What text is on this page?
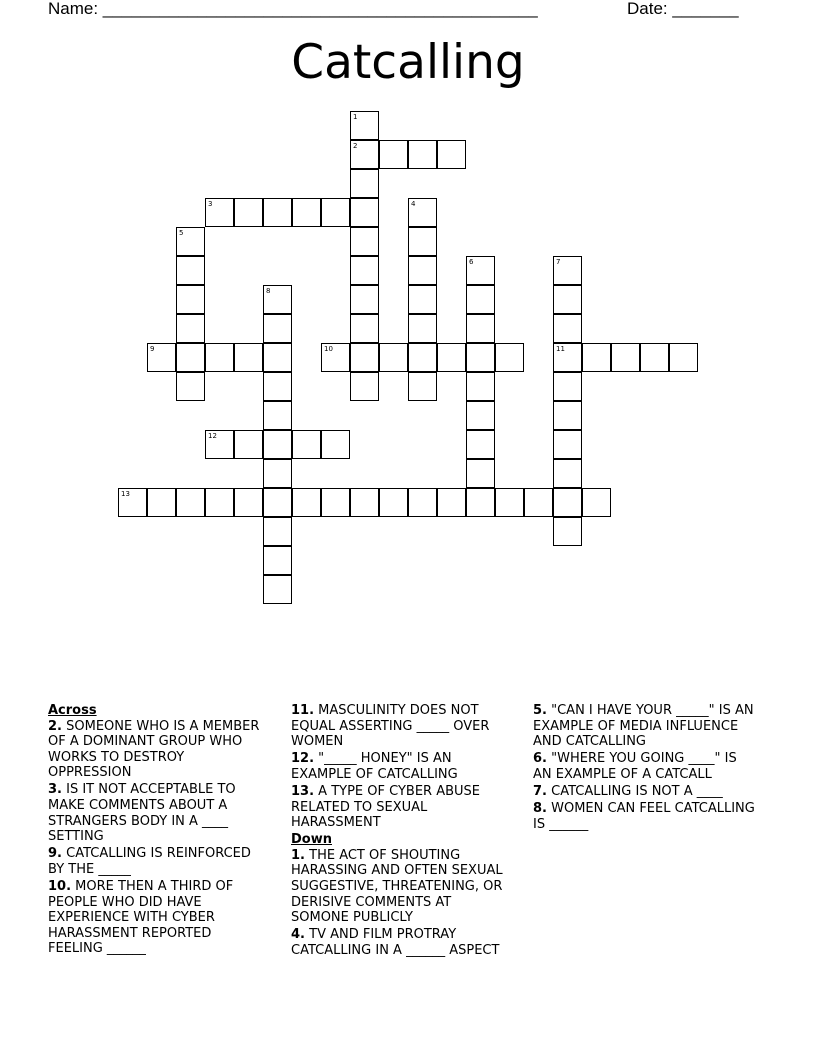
Name: ______________________________________________	Date: _______
Catcalling
1
2
3	4
5
6	7
11
8
9	10
12
13
Across
2. SOMEONE WHO IS A MEMBER OF A DOMINANT GROUP WHO WORKS TO DESTROY OPPRESSION
3. IS IT NOT ACCEPTABLE TO MAKE COMMENTS ABOUT A STRANGERS BODY IN A ____ SETTING
9. CATCALLING IS REINFORCED BY THE _____
10. MORE THEN A THIRD OF PEOPLE WHO DID HAVE EXPERIENCE WITH CYBER HARASSMENT REPORTED FEELING ______
11. MASCULINITY DOES NOT EQUAL ASSERTING _____ OVER WOMEN
12. "_____ HONEY" IS AN EXAMPLE OF CATCALLING
13. A TYPE OF CYBER ABUSE RELATED TO SEXUAL HARASSMENT
Down
1. THE ACT OF SHOUTING HARASSING AND OFTEN SEXUAL SUGGESTIVE, THREATENING, OR DERISIVE COMMENTS AT SOMONE PUBLICLY
4. TV AND FILM PROTRAY CATCALLING IN A ______ ASPECT
5. "CAN I HAVE YOUR _____" IS AN EXAMPLE OF MEDIA INFLUENCE AND CATCALLING
6. "WHERE YOU GOING ____" IS AN EXAMPLE OF A CATCALL
7. CATCALLING IS NOT A ____
8. WOMEN CAN FEEL CATCALLING IS ______
